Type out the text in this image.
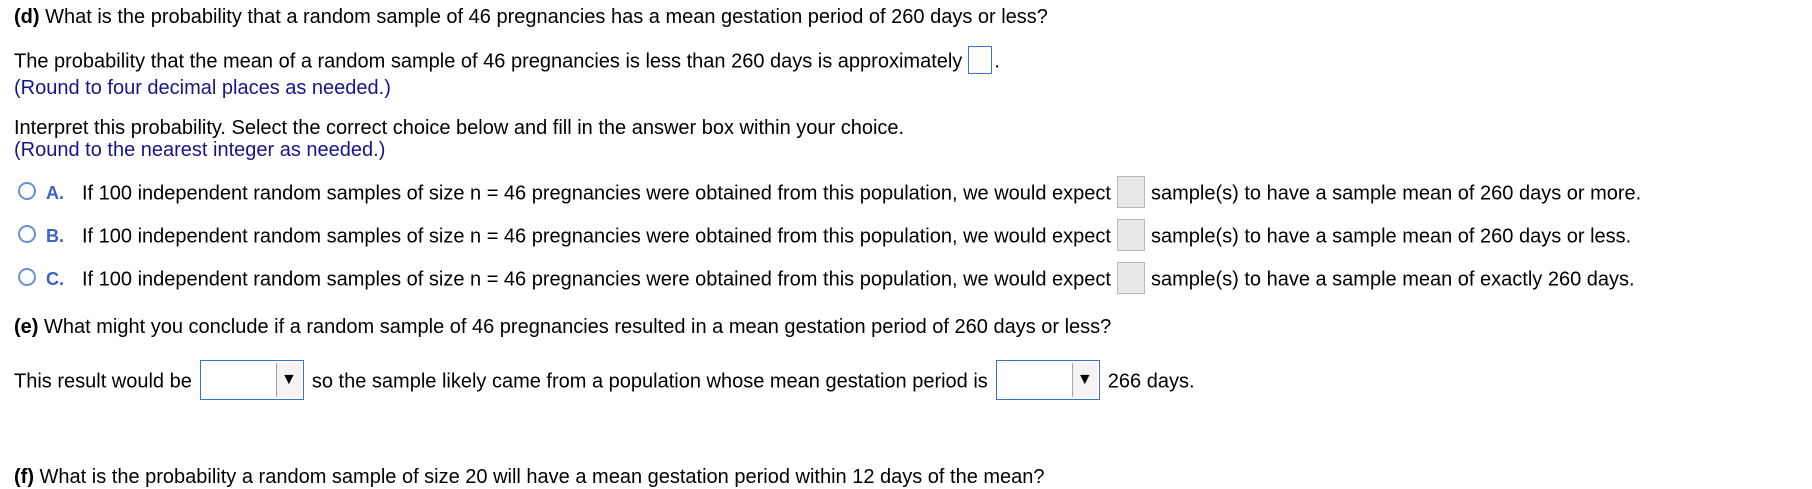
(d) What is the probability that a random sample of 46 pregnancies has a mean gestation period of 260 days or less?
The probability that the mean of a random sample of 46 pregnancies is less than 260 days is approximately .
(Round to four decimal places as needed.)
Interpret this probability. Select the correct choice below and fill in the answer box within your choice.
(Round to the nearest integer as needed.)
A. If 100 independent random samples of size n = 46 pregnancies were obtained from this population, we would expect sample(s) to have a sample mean of 260 days or more.
B. If 100 independent random samples of size n = 46 pregnancies were obtained from this population, we would expect sample(s) to have a sample mean of 260 days or less.
C. If 100 independent random samples of size n = 46 pregnancies were obtained from this population, we would expect sample(s) to have a sample mean of exactly 260 days.
(e) What might you conclude if a random sample of 46 pregnancies resulted in a mean gestation period of 260 days or less?
This result would be	▼ so the sample likely came from a population whose mean gestation period is	▼ 266 days.
(f) What is the probability a random sample of size 20 will have a mean gestation period within 12 days of the mean?
